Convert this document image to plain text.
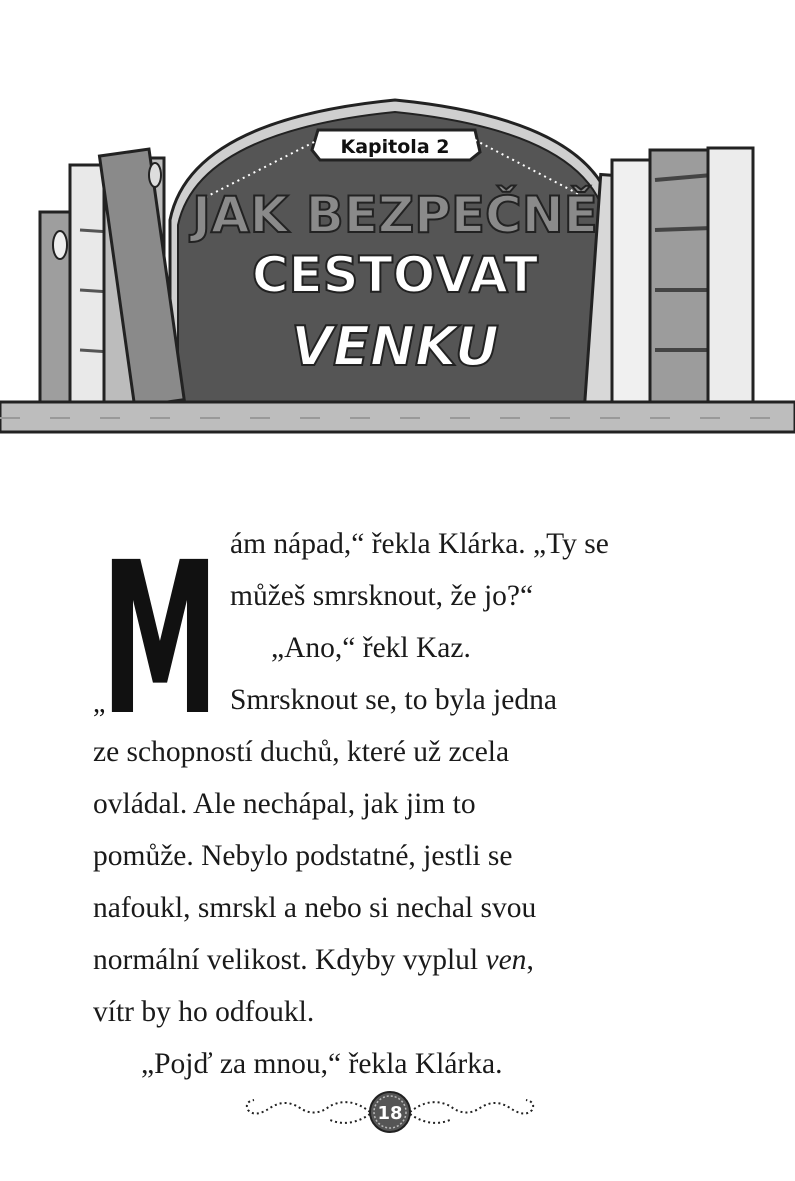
Kapitola 2
JAK BEZPEČNĚ
CESTOVAT
VENKU
„
M ám nápad,“ řekla Klárka. „Ty se
můžeš smrsknout, že jo?“
„Ano,“ řekl Kaz.
Smrsknout se, to byla jedna
ze schopností duchů, které už zcela
ovládal. Ale nechápal, jak jim to
pomůže. Nebylo podstatné, jestli se
nafoukl, smrskl a nebo si nechal svou
normální velikost. Kdyby vyplul ven,
vítr by ho odfoukl.
„Pojď za mnou,“ řekla Klárka.
18
